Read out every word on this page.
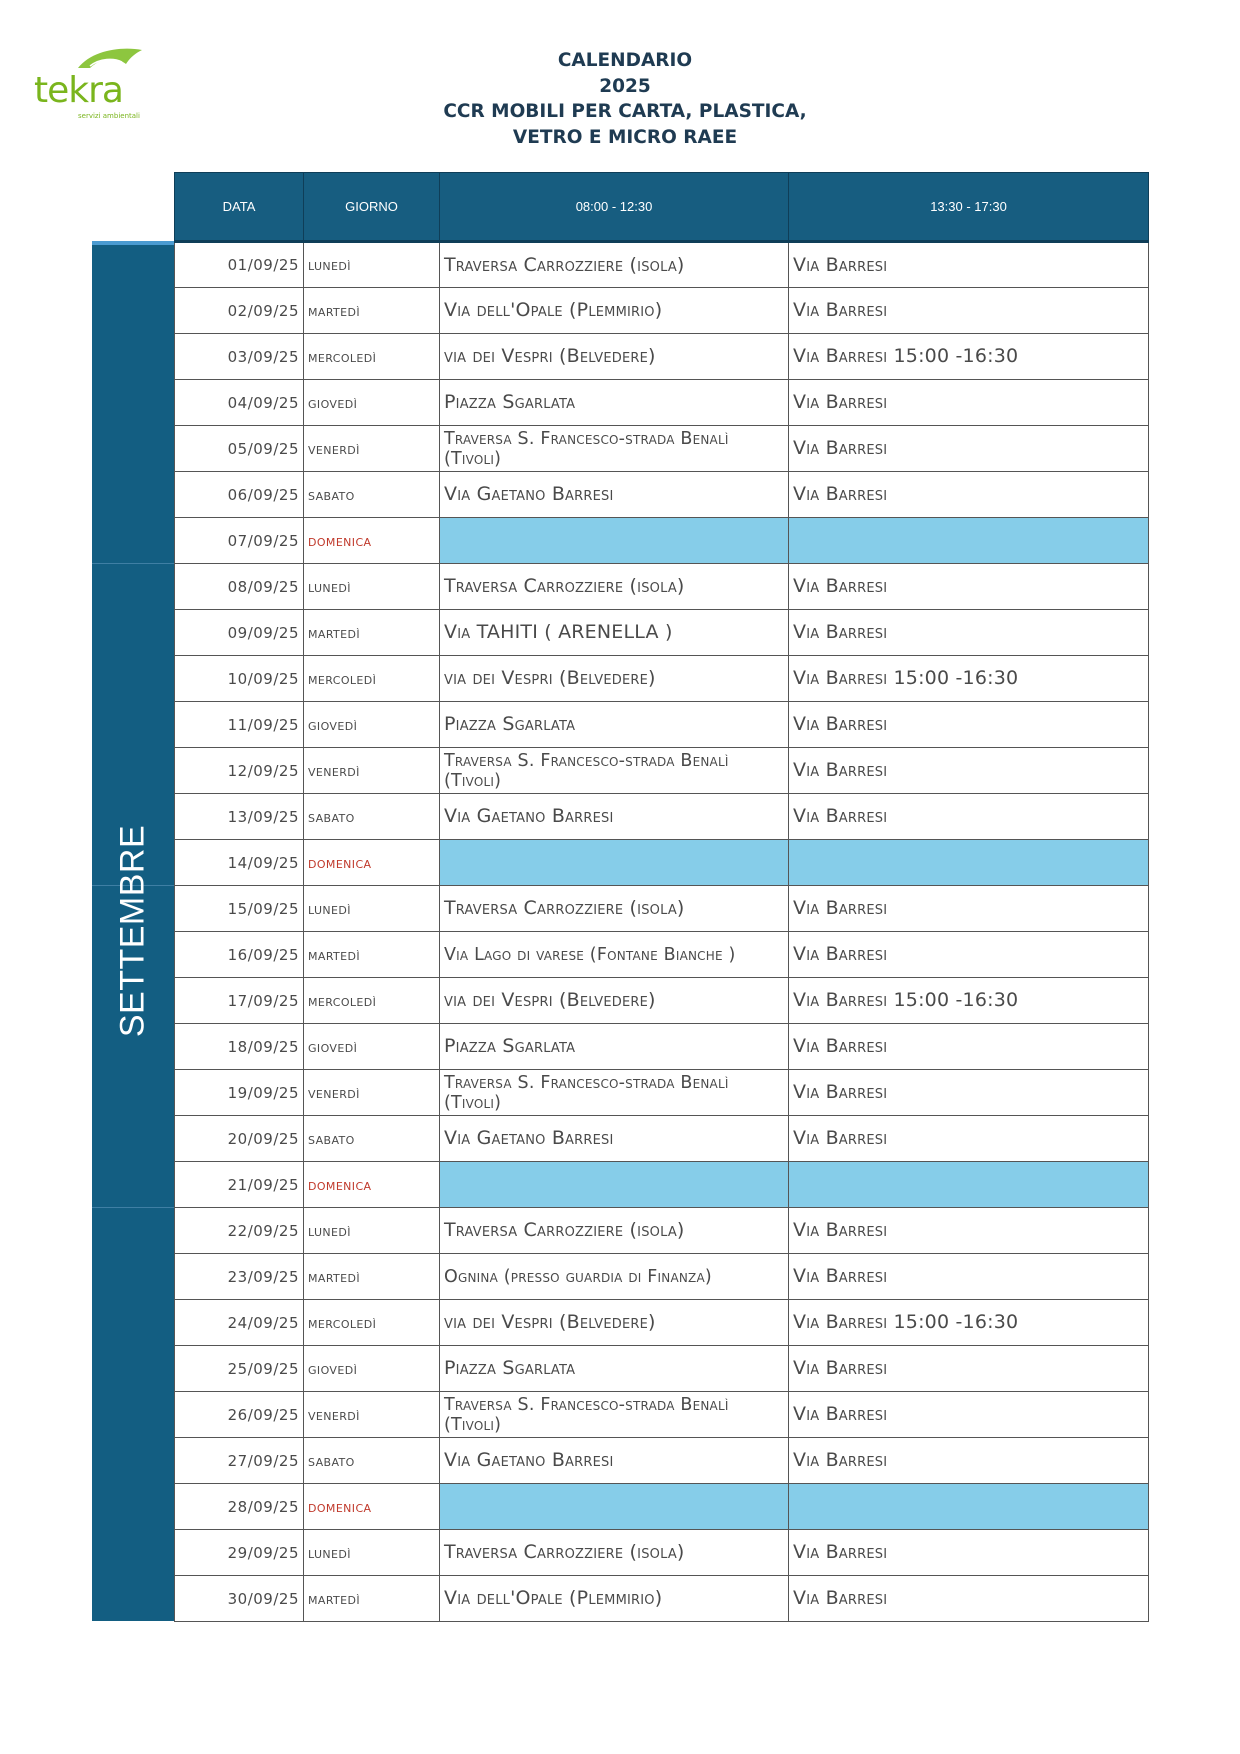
tekra
servizi ambientali
CALENDARIO
2025
CCR MOBILI PER CARTA, PLASTICA,
VETRO E MICRO RAEE
SETTEMBRE
DATA	GIORNO	08:00 - 12:30	13:30 - 17:30
01/09/25	lunedì	Traversa Carrozziere (isola)	Via Barresi
02/09/25	martedì	Via dell'Opale (Plemmirio)	Via Barresi
03/09/25	mercoledì	via dei Vespri (Belvedere)	Via Barresi 15:00 -16:30
04/09/25	giovedì	Piazza Sgarlata	Via Barresi
05/09/25	venerdì	Traversa S. Francesco-strada Benalì (Tivoli)	Via Barresi
06/09/25	sabato	Via Gaetano Barresi	Via Barresi
07/09/25	domenica		
08/09/25	lunedì	Traversa Carrozziere (isola)	Via Barresi
09/09/25	martedì	Via TAHITI ( ARENELLA )	Via Barresi
10/09/25	mercoledì	via dei Vespri (Belvedere)	Via Barresi 15:00 -16:30
11/09/25	giovedì	Piazza Sgarlata	Via Barresi
12/09/25	venerdì	Traversa S. Francesco-strada Benalì (Tivoli)	Via Barresi
13/09/25	sabato	Via Gaetano Barresi	Via Barresi
14/09/25	domenica		
15/09/25	lunedì	Traversa Carrozziere (isola)	Via Barresi
16/09/25	martedì	Via Lago di varese (Fontane Bianche )	Via Barresi
17/09/25	mercoledì	via dei Vespri (Belvedere)	Via Barresi 15:00 -16:30
18/09/25	giovedì	Piazza Sgarlata	Via Barresi
19/09/25	venerdì	Traversa S. Francesco-strada Benalì (Tivoli)	Via Barresi
20/09/25	sabato	Via Gaetano Barresi	Via Barresi
21/09/25	domenica		
22/09/25	lunedì	Traversa Carrozziere (isola)	Via Barresi
23/09/25	martedì	Ognina (presso guardia di Finanza)	Via Barresi
24/09/25	mercoledì	via dei Vespri (Belvedere)	Via Barresi 15:00 -16:30
25/09/25	giovedì	Piazza Sgarlata	Via Barresi
26/09/25	venerdì	Traversa S. Francesco-strada Benalì (Tivoli)	Via Barresi
27/09/25	sabato	Via Gaetano Barresi	Via Barresi
28/09/25	domenica		
29/09/25	lunedì	Traversa Carrozziere (isola)	Via Barresi
30/09/25	martedì	Via dell'Opale (Plemmirio)	Via Barresi
